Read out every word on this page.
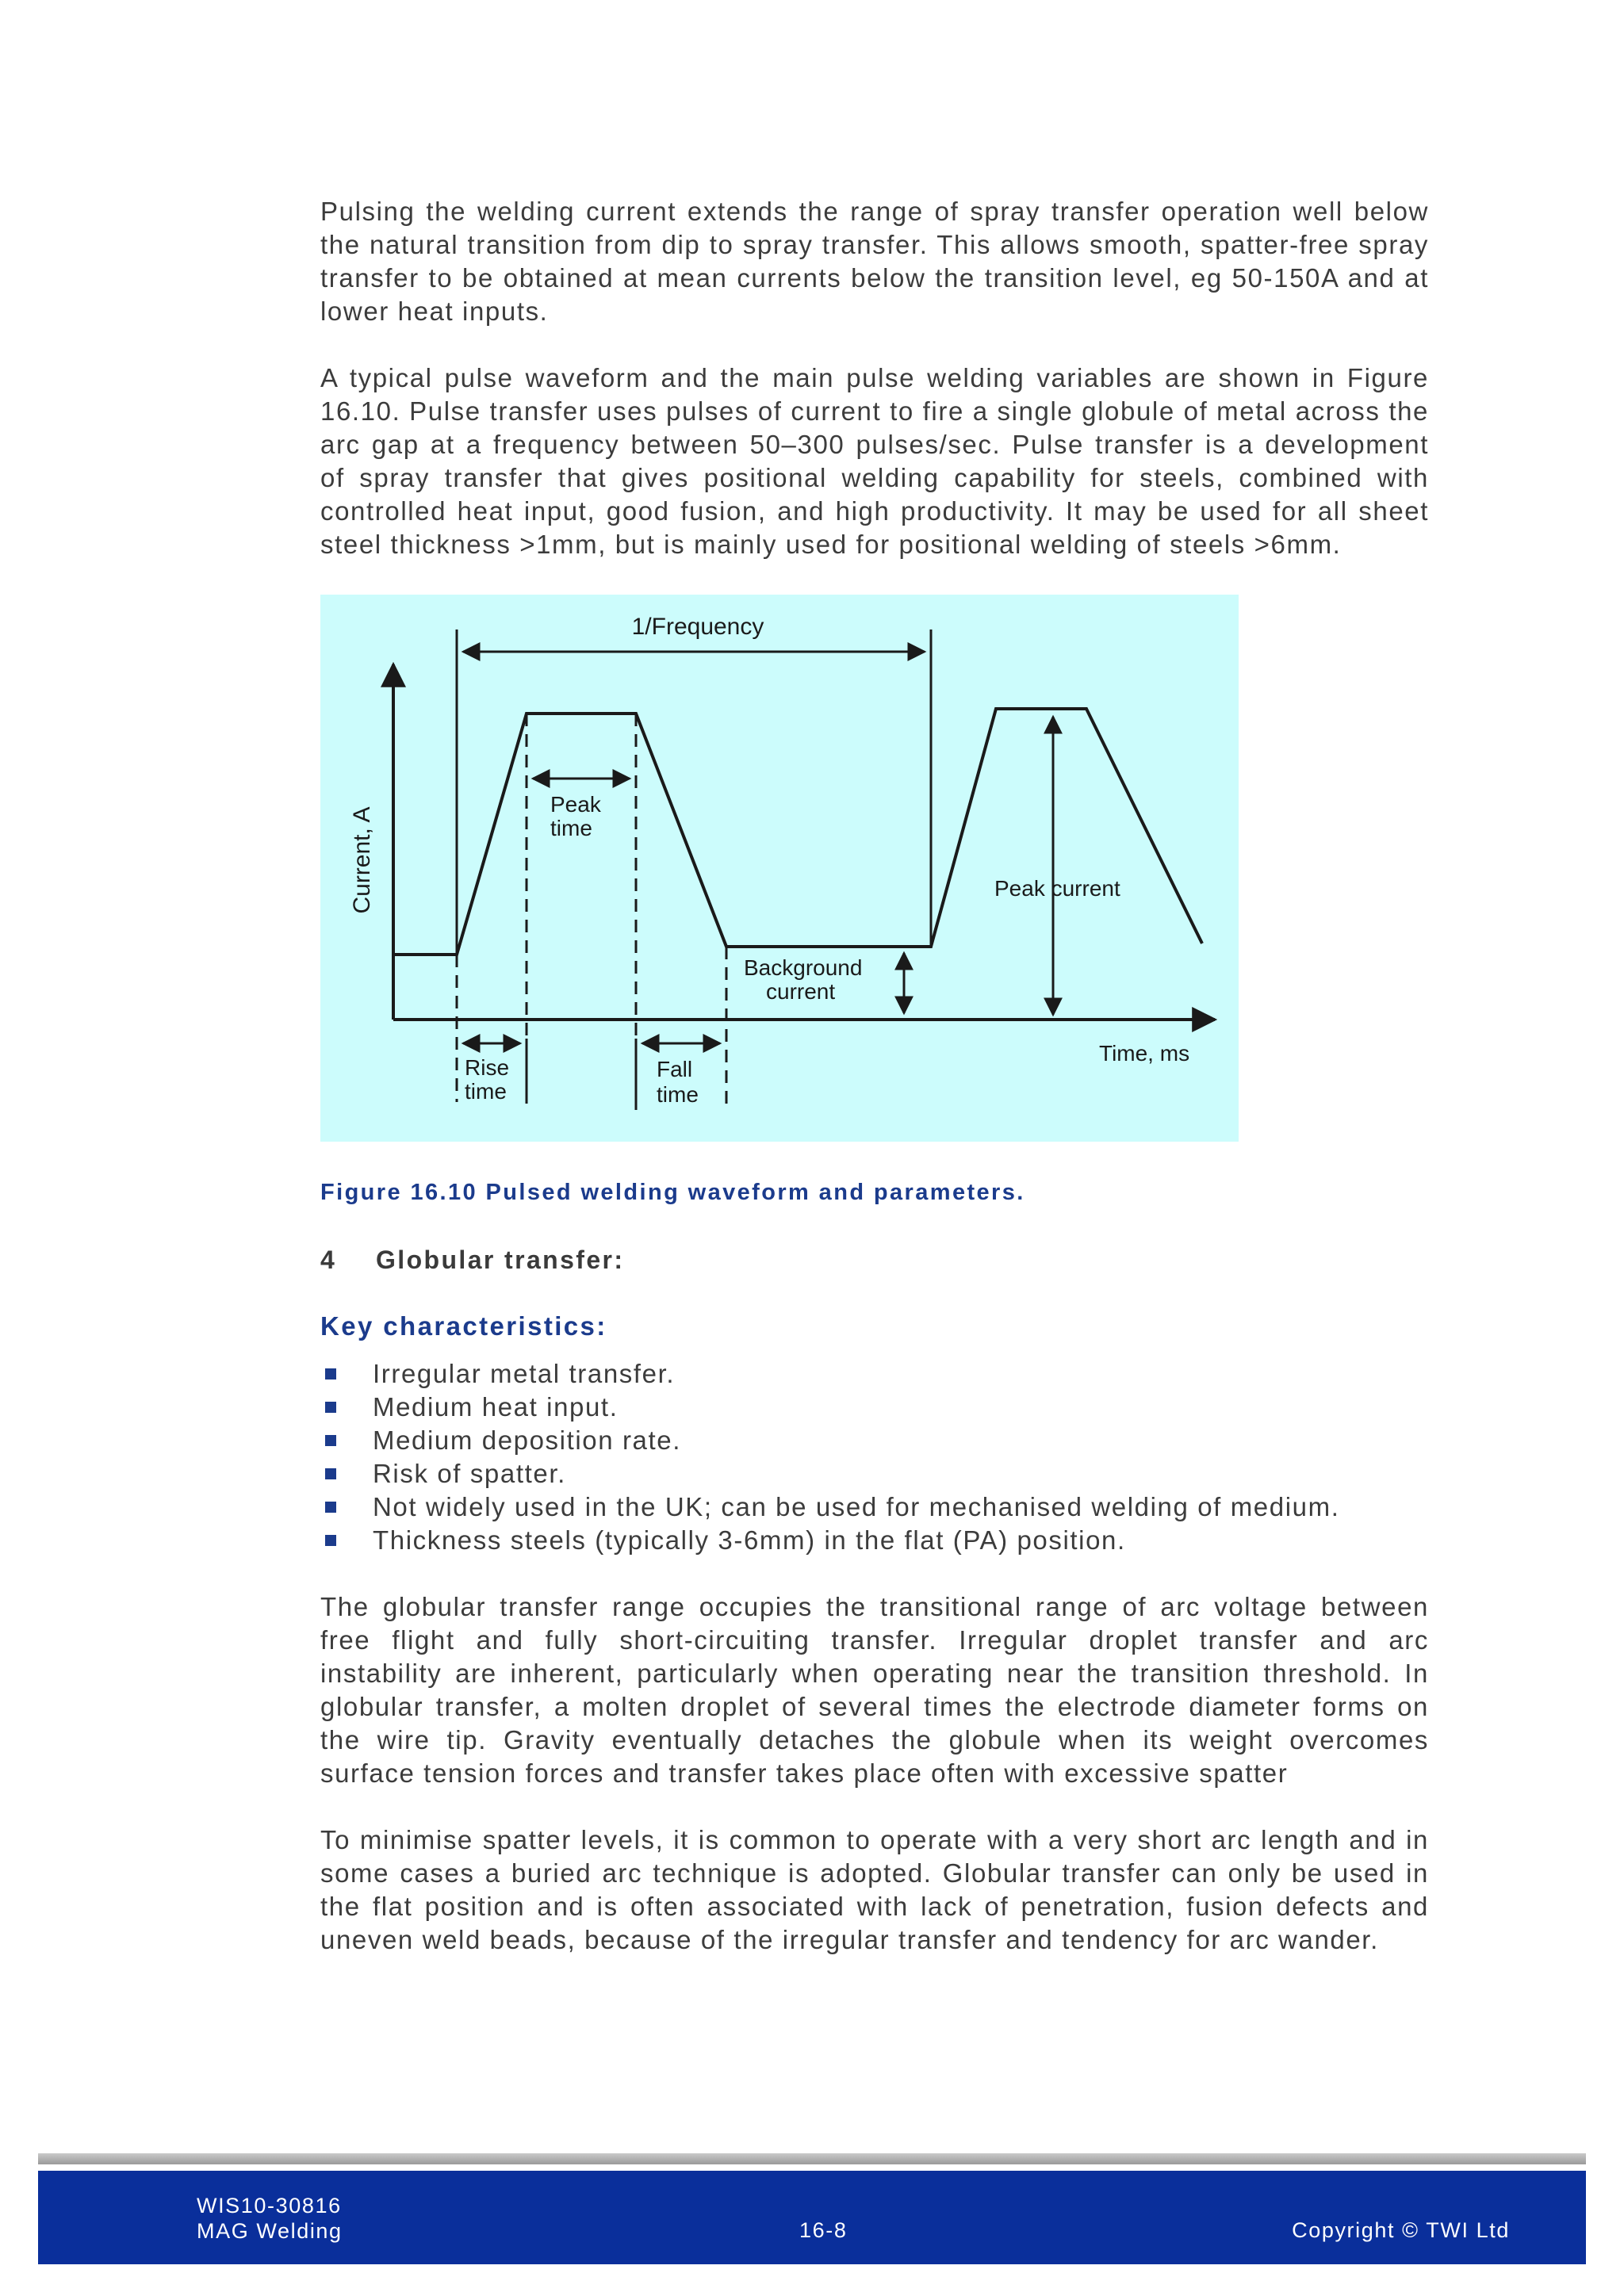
Pulsing the welding current extends the range of spray transfer operation well below the natural transition from dip to spray transfer. This allows smooth, spatter-free spray transfer to be obtained at mean currents below the transition level, eg 50-150A and at lower heat inputs.

A typical pulse waveform and the main pulse welding variables are shown in Figure 16.10. Pulse transfer uses pulses of current to fire a single globule of metal across the arc gap at a frequency between 50–300 pulses/sec. Pulse transfer is a development of spray transfer that gives positional welding capability for steels, combined with controlled heat input, good fusion, and high productivity. It may be used for all sheet steel thickness >1mm, but is mainly used for positional welding of steels >6mm.

1/Frequency
Peak
time
Peak current
Background
current
Current, A
Time, ms
Rise
time
Fall
time
Figure 16.10 Pulsed welding waveform and parameters.
4	Globular transfer:
Key characteristics:
Irregular metal transfer.
Medium heat input.
Medium deposition rate.
Risk of spatter.
Not widely used in the UK; can be used for mechanised welding of medium.
Thickness steels (typically 3-6mm) in the flat (PA) position.

The globular transfer range occupies the transitional range of arc voltage between free flight and fully short-circuiting transfer. Irregular droplet transfer and arc instability are inherent, particularly when operating near the transition threshold. In globular transfer, a molten droplet of several times the electrode diameter forms on the wire tip. Gravity eventually detaches the globule when its weight overcomes surface tension forces and transfer takes place often with excessive spatter

To minimise spatter levels, it is common to operate with a very short arc length and in some cases a buried arc technique is adopted. Globular transfer can only be used in the flat position and is often associated with lack of penetration, fusion defects and uneven weld beads, because of the irregular transfer and tendency for arc wander.

WIS10-30816
MAG Welding	16-8	Copyright © TWI Ltd
